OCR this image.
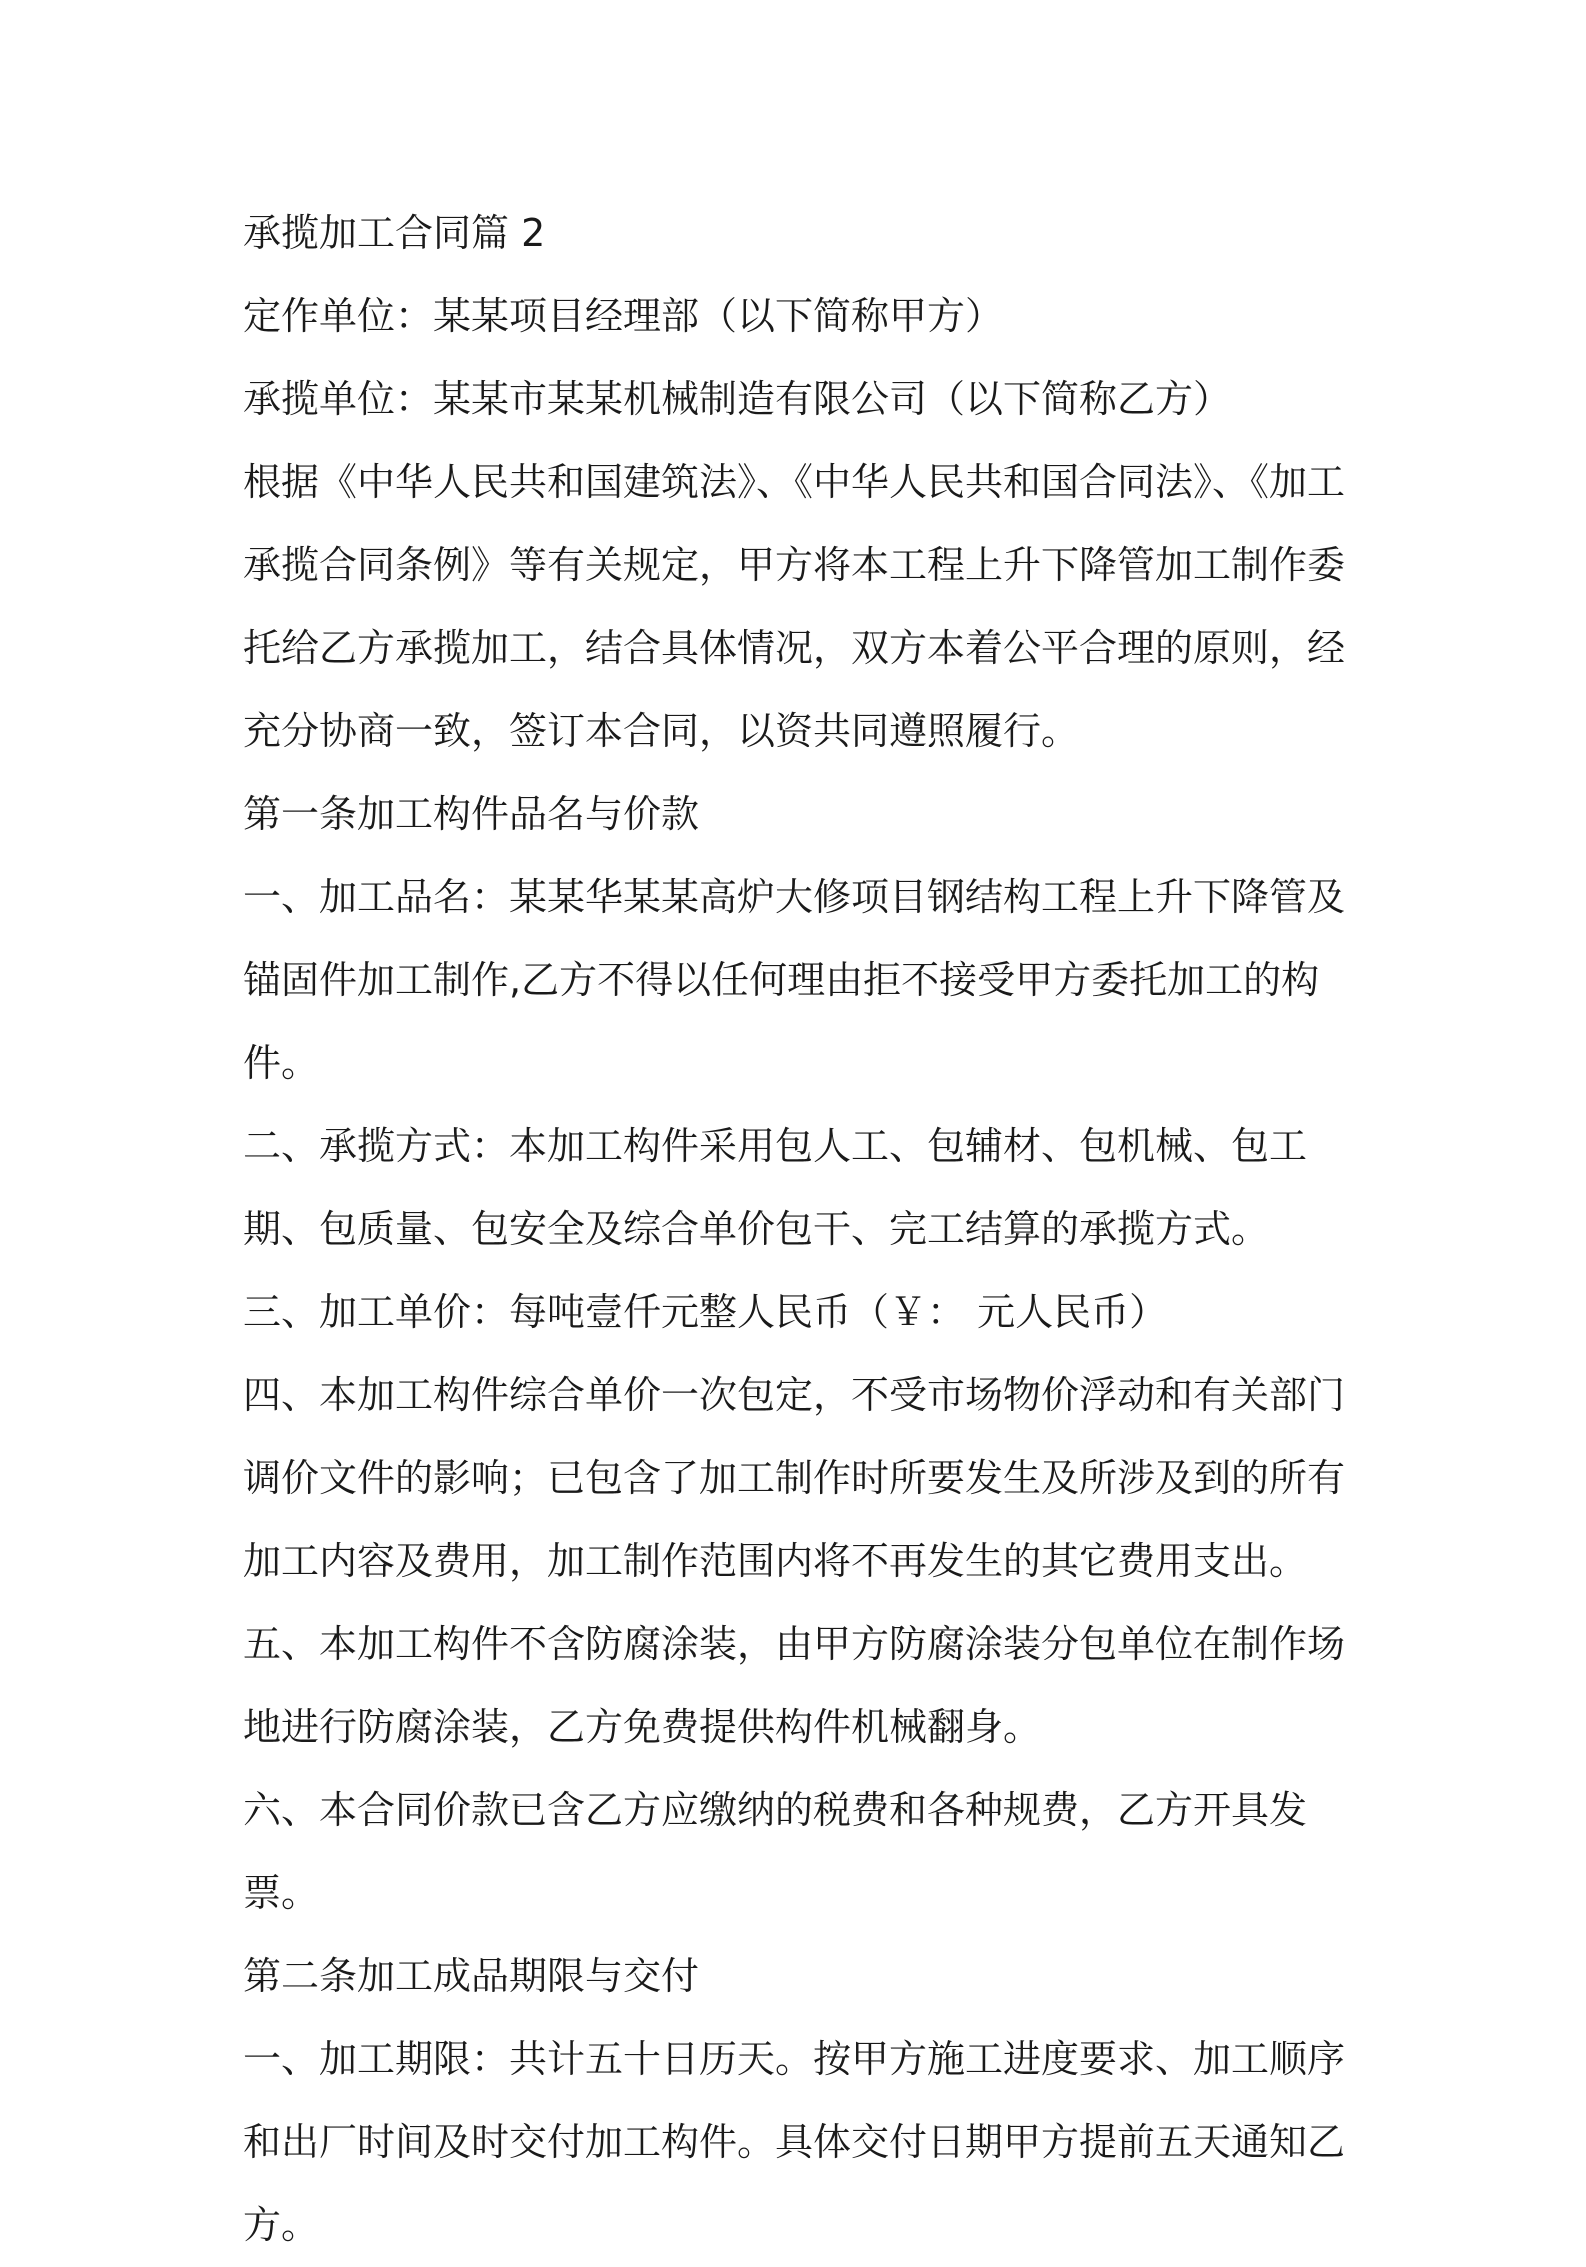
承揽加工合同篇 2

定作单位：某某项目经理部（以下简称甲方）

承揽单位：某某市某某机械制造有限公司（以下简称乙方）

根据《中华人民共和国建筑法》、《中华人民共和国合同法》、《加工承揽合同条例》等有关规定，甲方将本工程上升下降管加工制作委托给乙方承揽加工，结合具体情况，双方本着公平合理的原则，经充分协商一致，签订本合同，以资共同遵照履行。

第一条加工构件品名与价款

一、加工品名：某某华某某高炉大修项目钢结构工程上升下降管及锚固件加工制作,乙方不得以任何理由拒不接受甲方委托加工的构件。

二、承揽方式：本加工构件采用包人工、包辅材、包机械、包工期、包质量、包安全及综合单价包干、完工结算的承揽方式。

三、加工单价：每吨壹仟元整人民币（￥： 元人民币）

四、本加工构件综合单价一次包定，不受市场物价浮动和有关部门调价文件的影响；已包含了加工制作时所要发生及所涉及到的所有加工内容及费用，加工制作范围内将不再发生的其它费用支出。

五、本加工构件不含防腐涂装，由甲方防腐涂装分包单位在制作场地进行防腐涂装，乙方免费提供构件机械翻身。

六、本合同价款已含乙方应缴纳的税费和各种规费，乙方开具发票。

第二条加工成品期限与交付

一、加工期限：共计五十日历天。按甲方施工进度要求、加工顺序和出厂时间及时交付加工构件。具体交付日期甲方提前五天通知乙方。
